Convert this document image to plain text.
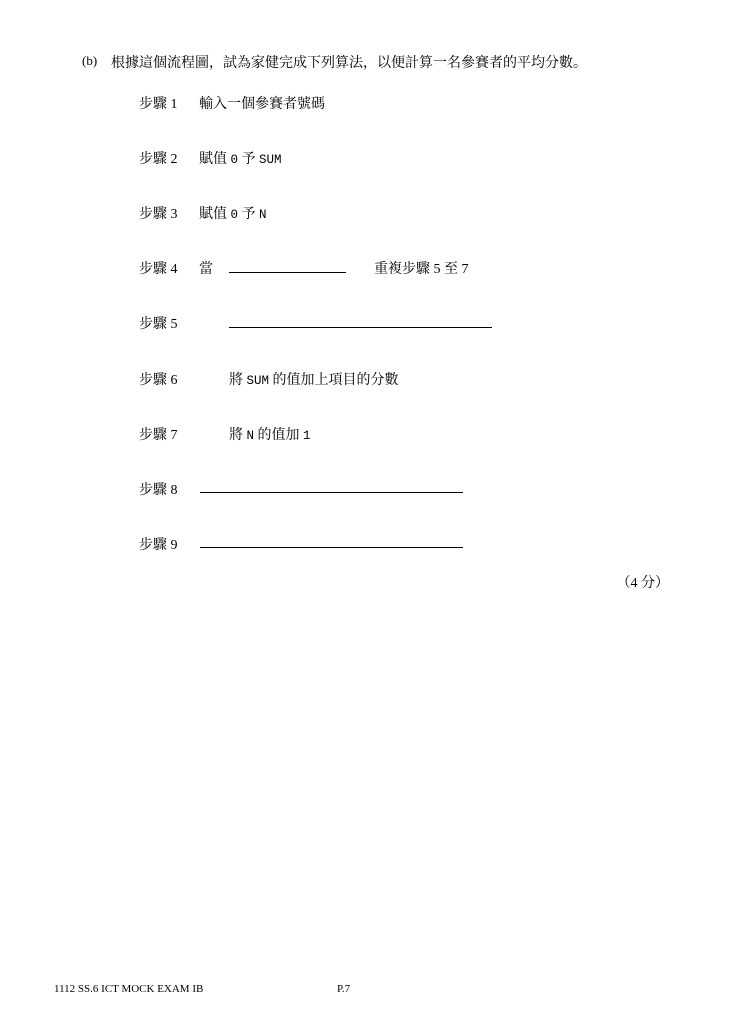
(b) 根據這個流程圖，試為家健完成下列算法，以便計算一名參賽者的平均分數。
步驟 1 輸入一個參賽者號碼
步驟 2 賦值 0 予 SUM
步驟 3 賦值 0 予 N
步驟 4 當	重複步驟 5 至 7
步驟 5
步驟 6	將 SUM 的值加上項目的分數
步驟 7	將 N 的值加 1
步驟 8
步驟 9
（4 分）
1112 SS.6 ICT MOCK EXAM IB	P.7
